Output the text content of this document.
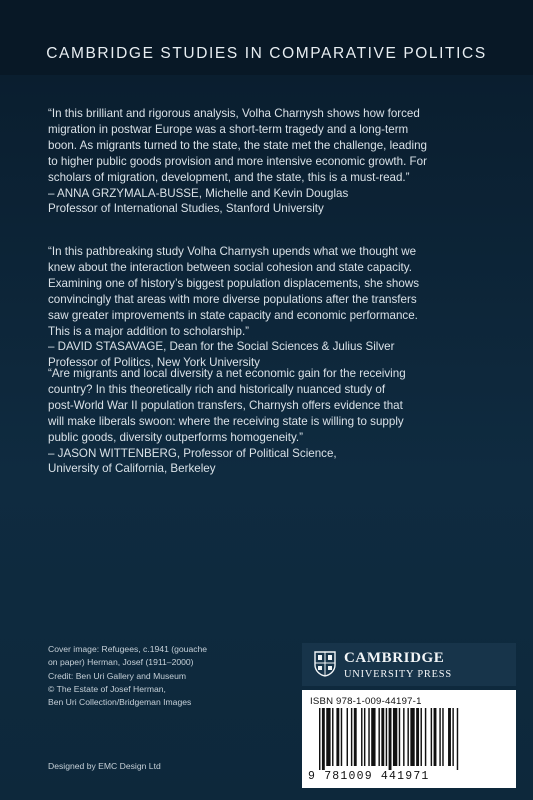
CAMBRIDGE STUDIES IN COMPARATIVE POLITICS

“In this brilliant and rigorous analysis, Volha Charnysh shows how forced

migration in postwar Europe was a short-term tragedy and a long-term

boon. As migrants turned to the state, the state met the challenge, leading

to higher public goods provision and more intensive economic growth. For

scholars of migration, development, and the state, this is a must-read.”

– ANNA GRZYMALA-BUSSE, Michelle and Kevin Douglas

Professor of International Studies, Stanford University

“In this pathbreaking study Volha Charnysh upends what we thought we

knew about the interaction between social cohesion and state capacity.

Examining one of history’s biggest population displacements, she shows

convincingly that areas with more diverse populations after the transfers

saw greater improvements in state capacity and economic performance.

This is a major addition to scholarship.”

– DAVID STASAVAGE, Dean for the Social Sciences & Julius Silver

Professor of Politics, New York University

“Are migrants and local diversity a net economic gain for the receiving

country? In this theoretically rich and historically nuanced study of

post-World War II population transfers, Charnysh offers evidence that

will make liberals swoon: where the receiving state is willing to supply

public goods, diversity outperforms homogeneity.”

– JASON WITTENBERG, Professor of Political Science,

University of California, Berkeley

Cover image: Refugees, c.1941 (gouache
on paper) Herman, Josef (1911–2000)
Credit: Ben Uri Gallery and Museum
© The Estate of Josef Herman,
Ben Uri Collection/Bridgeman Images
Designed by EMC Design Ltd
CAMBRIDGE
UNIVERSITY PRESS
ISBN 978-1-009-44197-1
9 781009 441971
